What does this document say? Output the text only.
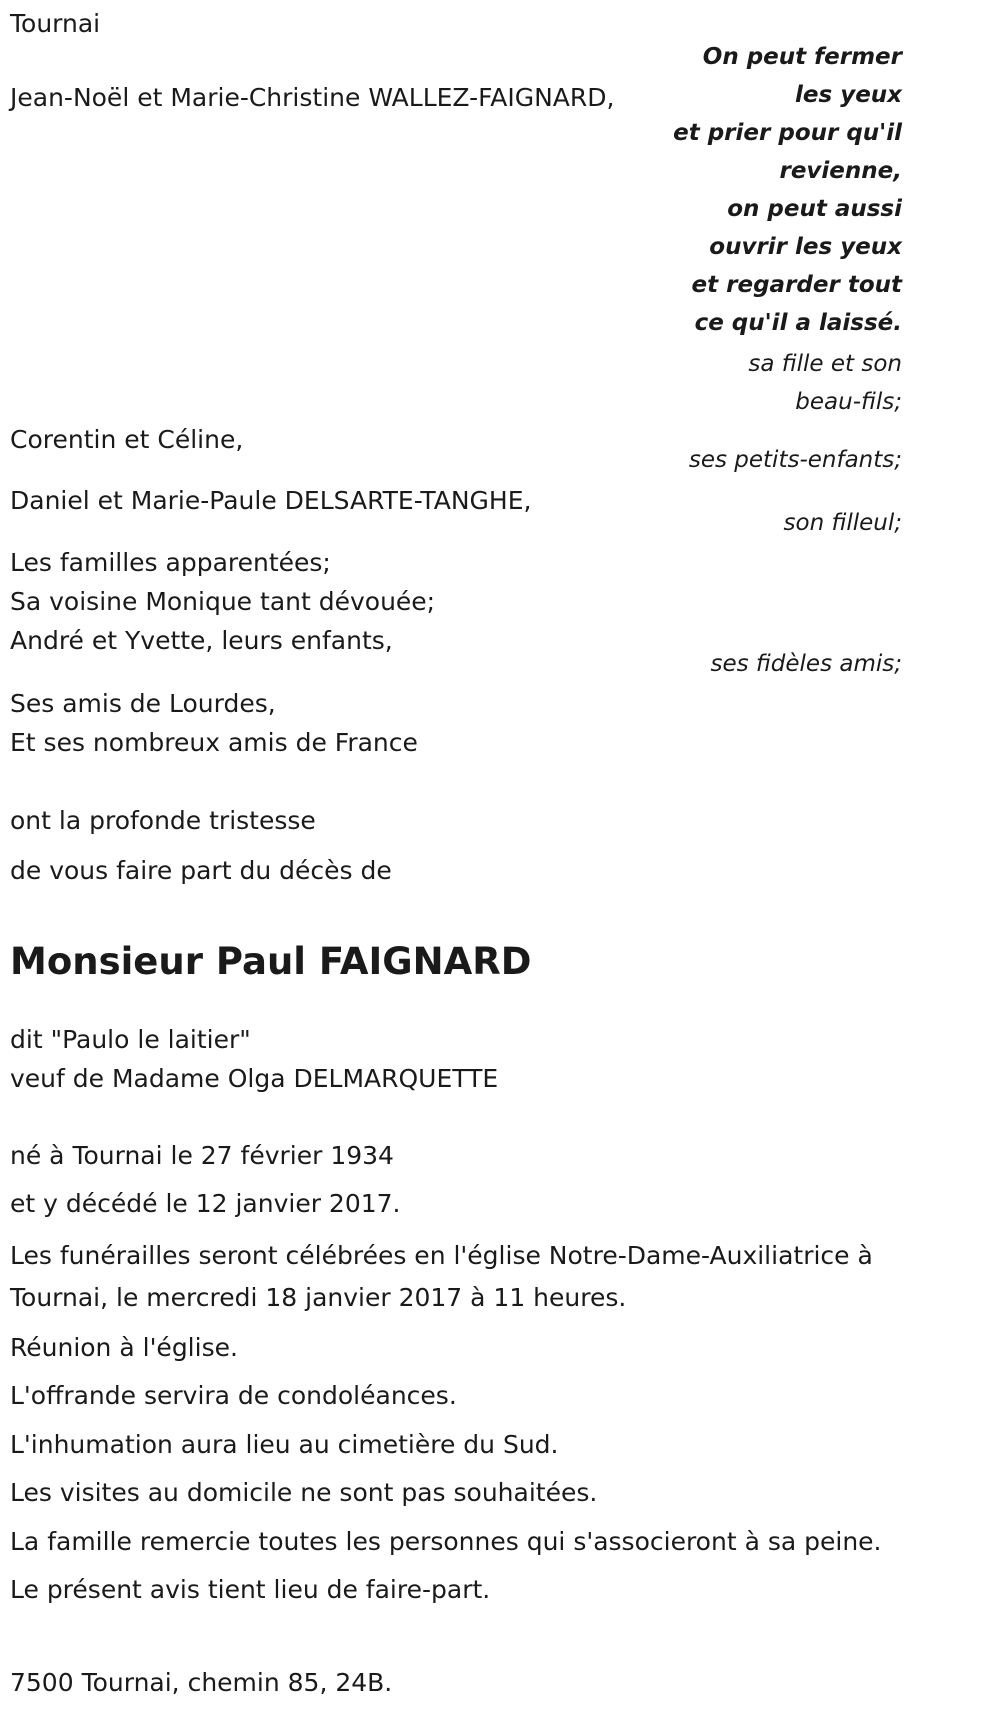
Tournai
On peut fermer
les yeux
et prier pour qu'il
revienne,
on peut aussi
ouvrir les yeux
et regarder tout
ce qu'il a laissé.
Jean-Noël et Marie-Christine WALLEZ-FAIGNARD,
sa fille et son
beau-fils;
Corentin et Céline,
ses petits-enfants;
Daniel et Marie-Paule DELSARTE-TANGHE,
son filleul;
Les familles apparentées;
Sa voisine Monique tant dévouée;
André et Yvette, leurs enfants,
ses fidèles amis;
Ses amis de Lourdes,
Et ses nombreux amis de France
ont la profonde tristesse
de vous faire part du décès de
Monsieur Paul FAIGNARD
dit "Paulo le laitier"
veuf de Madame Olga DELMARQUETTE
né à Tournai le 27 février 1934
et y décédé le 12 janvier 2017.
Les funérailles seront célébrées en l'église Notre-Dame-Auxiliatrice à Tournai, le mercredi 18 janvier 2017 à 11 heures.
Réunion à l'église.
L'offrande servira de condoléances.
L'inhumation aura lieu au cimetière du Sud.
Les visites au domicile ne sont pas souhaitées.
La famille remercie toutes les personnes qui s'associeront à sa peine.
Le présent avis tient lieu de faire-part.
7500 Tournai, chemin 85, 24B.
